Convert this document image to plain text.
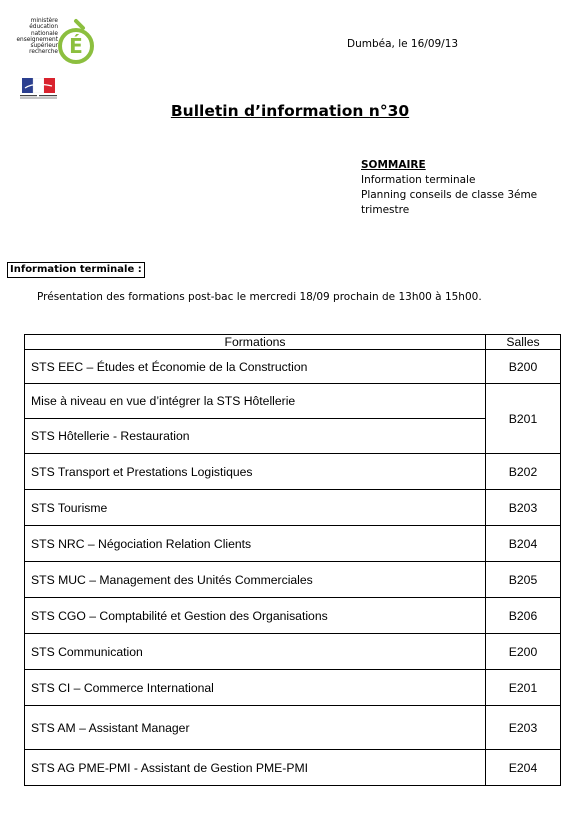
ministère
éducation
nationale
enseignement
supérieur
recherche É	Dumbéa, le 16/09/13
Bulletin d’information n°30
SOMMAIRE
Information terminale
Planning conseils de classe 3éme
trimestre
Information terminale :
Présentation des formations post-bac le mercredi 18/09 prochain de 13h00 à 15h00.
Formations	Salles
STS EEC – Études et Économie de la Construction	B200
Mise à niveau en vue d’intégrer la STS Hôtellerie	B201
STS Hôtellerie - Restauration	
STS Transport et Prestations Logistiques	B202
STS Tourisme	B203
STS NRC – Négociation Relation Clients	B204
STS MUC – Management des Unités Commerciales	B205
STS CGO – Comptabilité et Gestion des Organisations	B206
STS Communication	E200
STS CI – Commerce International	E201
STS AM – Assistant Manager	E203
STS AG PME-PMI - Assistant de Gestion PME-PMI	E204
